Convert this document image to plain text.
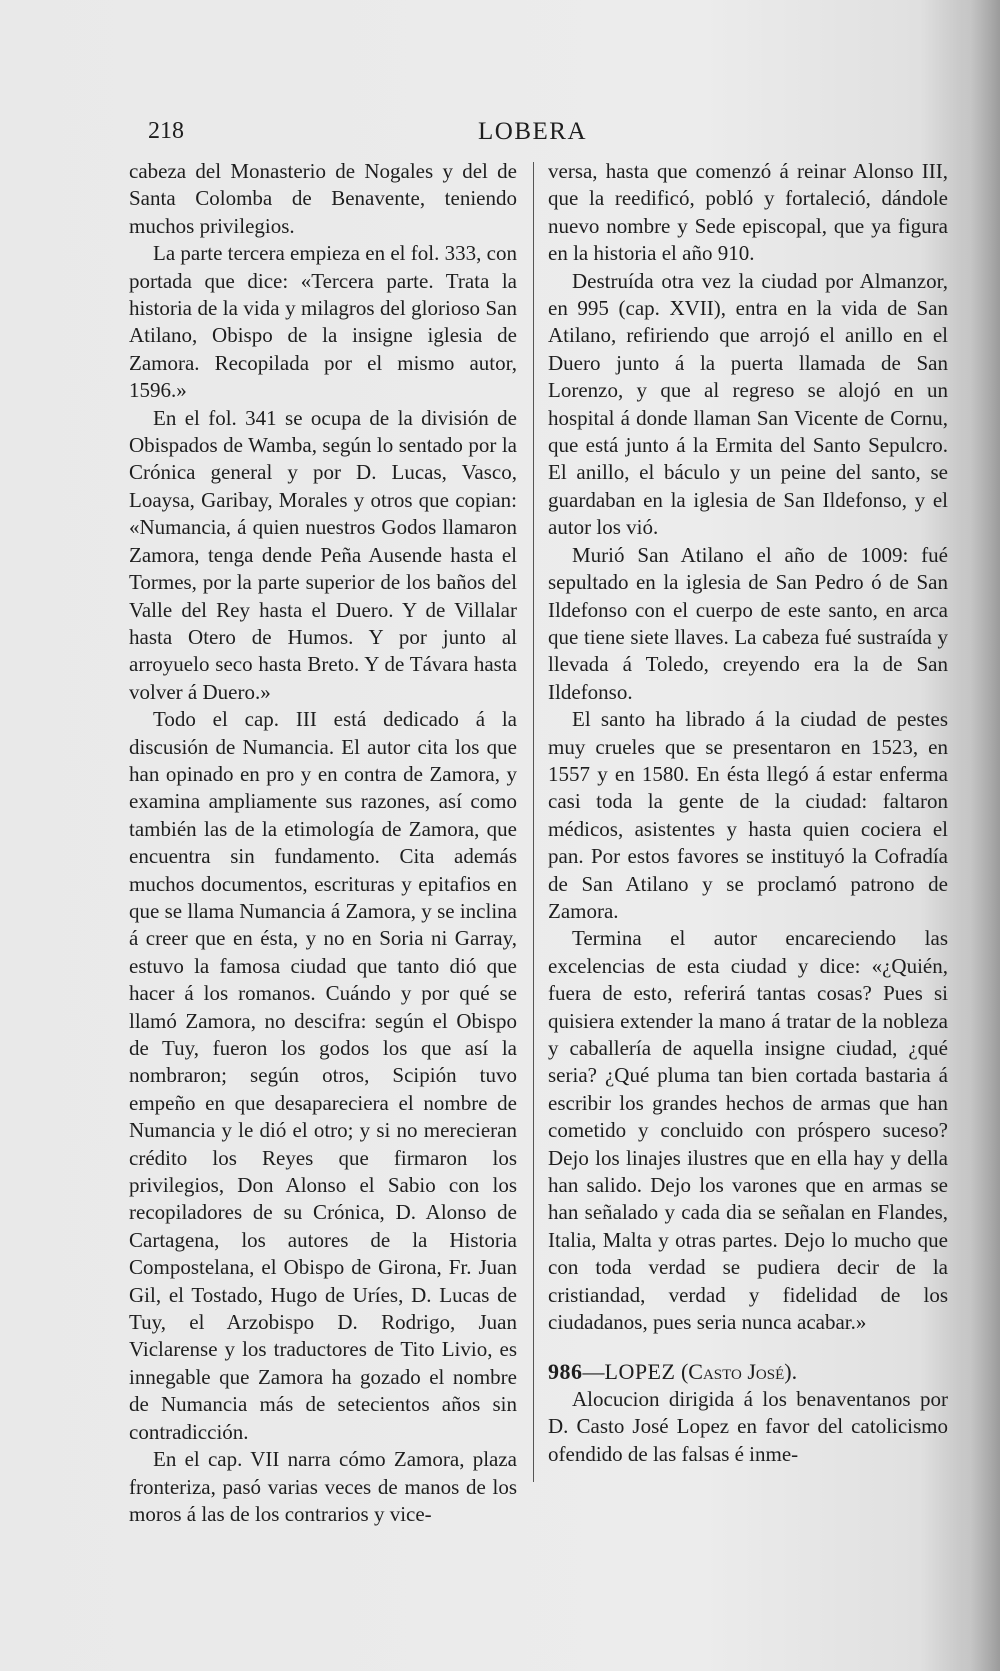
218	LOBERA

cabeza del Monasterio de Nogales y del de Santa Colomba de Benavente, teniendo muchos privilegios.

La parte tercera empieza en el fol. 333, con portada que dice: «Tercera parte. Trata la historia de la vida y milagros del glorioso San Atilano, Obispo de la insigne iglesia de Zamora. Recopilada por el mismo autor, 1596.»

En el fol. 341 se ocupa de la división de Obispados de Wamba, según lo sentado por la Crónica general y por D. Lucas, Vasco, Loaysa, Garibay, Morales y otros que copian: «Numancia, á quien nuestros Godos llamaron Zamora, tenga dende Peña Ausende hasta el Tormes, por la parte superior de los baños del Valle del Rey hasta el Duero. Y de Villalar hasta Otero de Humos. Y por junto al arroyuelo seco hasta Breto. Y de Távara hasta volver á Duero.»

Todo el cap. III está dedicado á la discusión de Numancia. El autor cita los que han opinado en pro y en contra de Zamora, y examina ampliamente sus razones, así como también las de la etimología de Zamora, que encuentra sin fundamento. Cita además muchos documentos, escrituras y epitafios en que se llama Numancia á Zamora, y se inclina á creer que en ésta, y no en Soria ni Garray, estuvo la famosa ciudad que tanto dió que hacer á los romanos. Cuándo y por qué se llamó Zamora, no descifra: según el Obispo de Tuy, fueron los godos los que así la nombraron; según otros, Scipión tuvo empeño en que desapareciera el nombre de Numancia y le dió el otro; y si no merecieran crédito los Reyes que firmaron los privilegios, Don Alonso el Sabio con los recopiladores de su Crónica, D. Alonso de Cartagena, los autores de la Historia Compostelana, el Obispo de Girona, Fr. Juan Gil, el Tostado, Hugo de Uríes, D. Lucas de Tuy, el Arzobispo D. Rodrigo, Juan Viclarense y los traductores de Tito Livio, es innegable que Zamora ha gozado el nombre de Numancia más de setecientos años sin contradicción.

En el cap. VII narra cómo Zamora, plaza fronteriza, pasó varias veces de manos de los moros á las de los contrarios y vice-

versa, hasta que comenzó á reinar Alonso III, que la reedificó, pobló y fortaleció, dándole nuevo nombre y Sede episcopal, que ya figura en la historia el año 910.

Destruída otra vez la ciudad por Almanzor, en 995 (cap. XVII), entra en la vida de San Atilano, refiriendo que arrojó el anillo en el Duero junto á la puerta llamada de San Lorenzo, y que al regreso se alojó en un hospital á donde llaman San Vicente de Cornu, que está junto á la Ermita del Santo Sepulcro. El anillo, el báculo y un peine del santo, se guardaban en la iglesia de San Ildefonso, y el autor los vió.

Murió San Atilano el año de 1009: fué sepultado en la iglesia de San Pedro ó de San Ildefonso con el cuerpo de este santo, en arca que tiene siete llaves. La cabeza fué sustraída y llevada á Toledo, creyendo era la de San Ildefonso.

El santo ha librado á la ciudad de pestes muy crueles que se presentaron en 1523, en 1557 y en 1580. En ésta llegó á estar enferma casi toda la gente de la ciudad: faltaron médicos, asistentes y hasta quien cociera el pan. Por estos favores se instituyó la Cofradía de San Atilano y se proclamó patrono de Zamora.

Termina el autor encareciendo las excelencias de esta ciudad y dice: «¿Quién, fuera de esto, referirá tantas cosas? Pues si quisiera extender la mano á tratar de la nobleza y caballería de aquella insigne ciudad, ¿qué seria? ¿Qué pluma tan bien cortada bastaria á escribir los grandes hechos de armas que han cometido y concluido con próspero suceso? Dejo los linajes ilustres que en ella hay y della han salido. Dejo los varones que en armas se han señalado y cada dia se señalan en Flandes, Italia, Malta y otras partes. Dejo lo mucho que con toda verdad se pudiera decir de la cristiandad, verdad y fidelidad de los ciudadanos, pues seria nunca acabar.»

986—LOPEZ (Casto José).

Alocucion dirigida á los benaventanos por D. Casto José Lopez en favor del catolicismo ofendido de las falsas é inme-
